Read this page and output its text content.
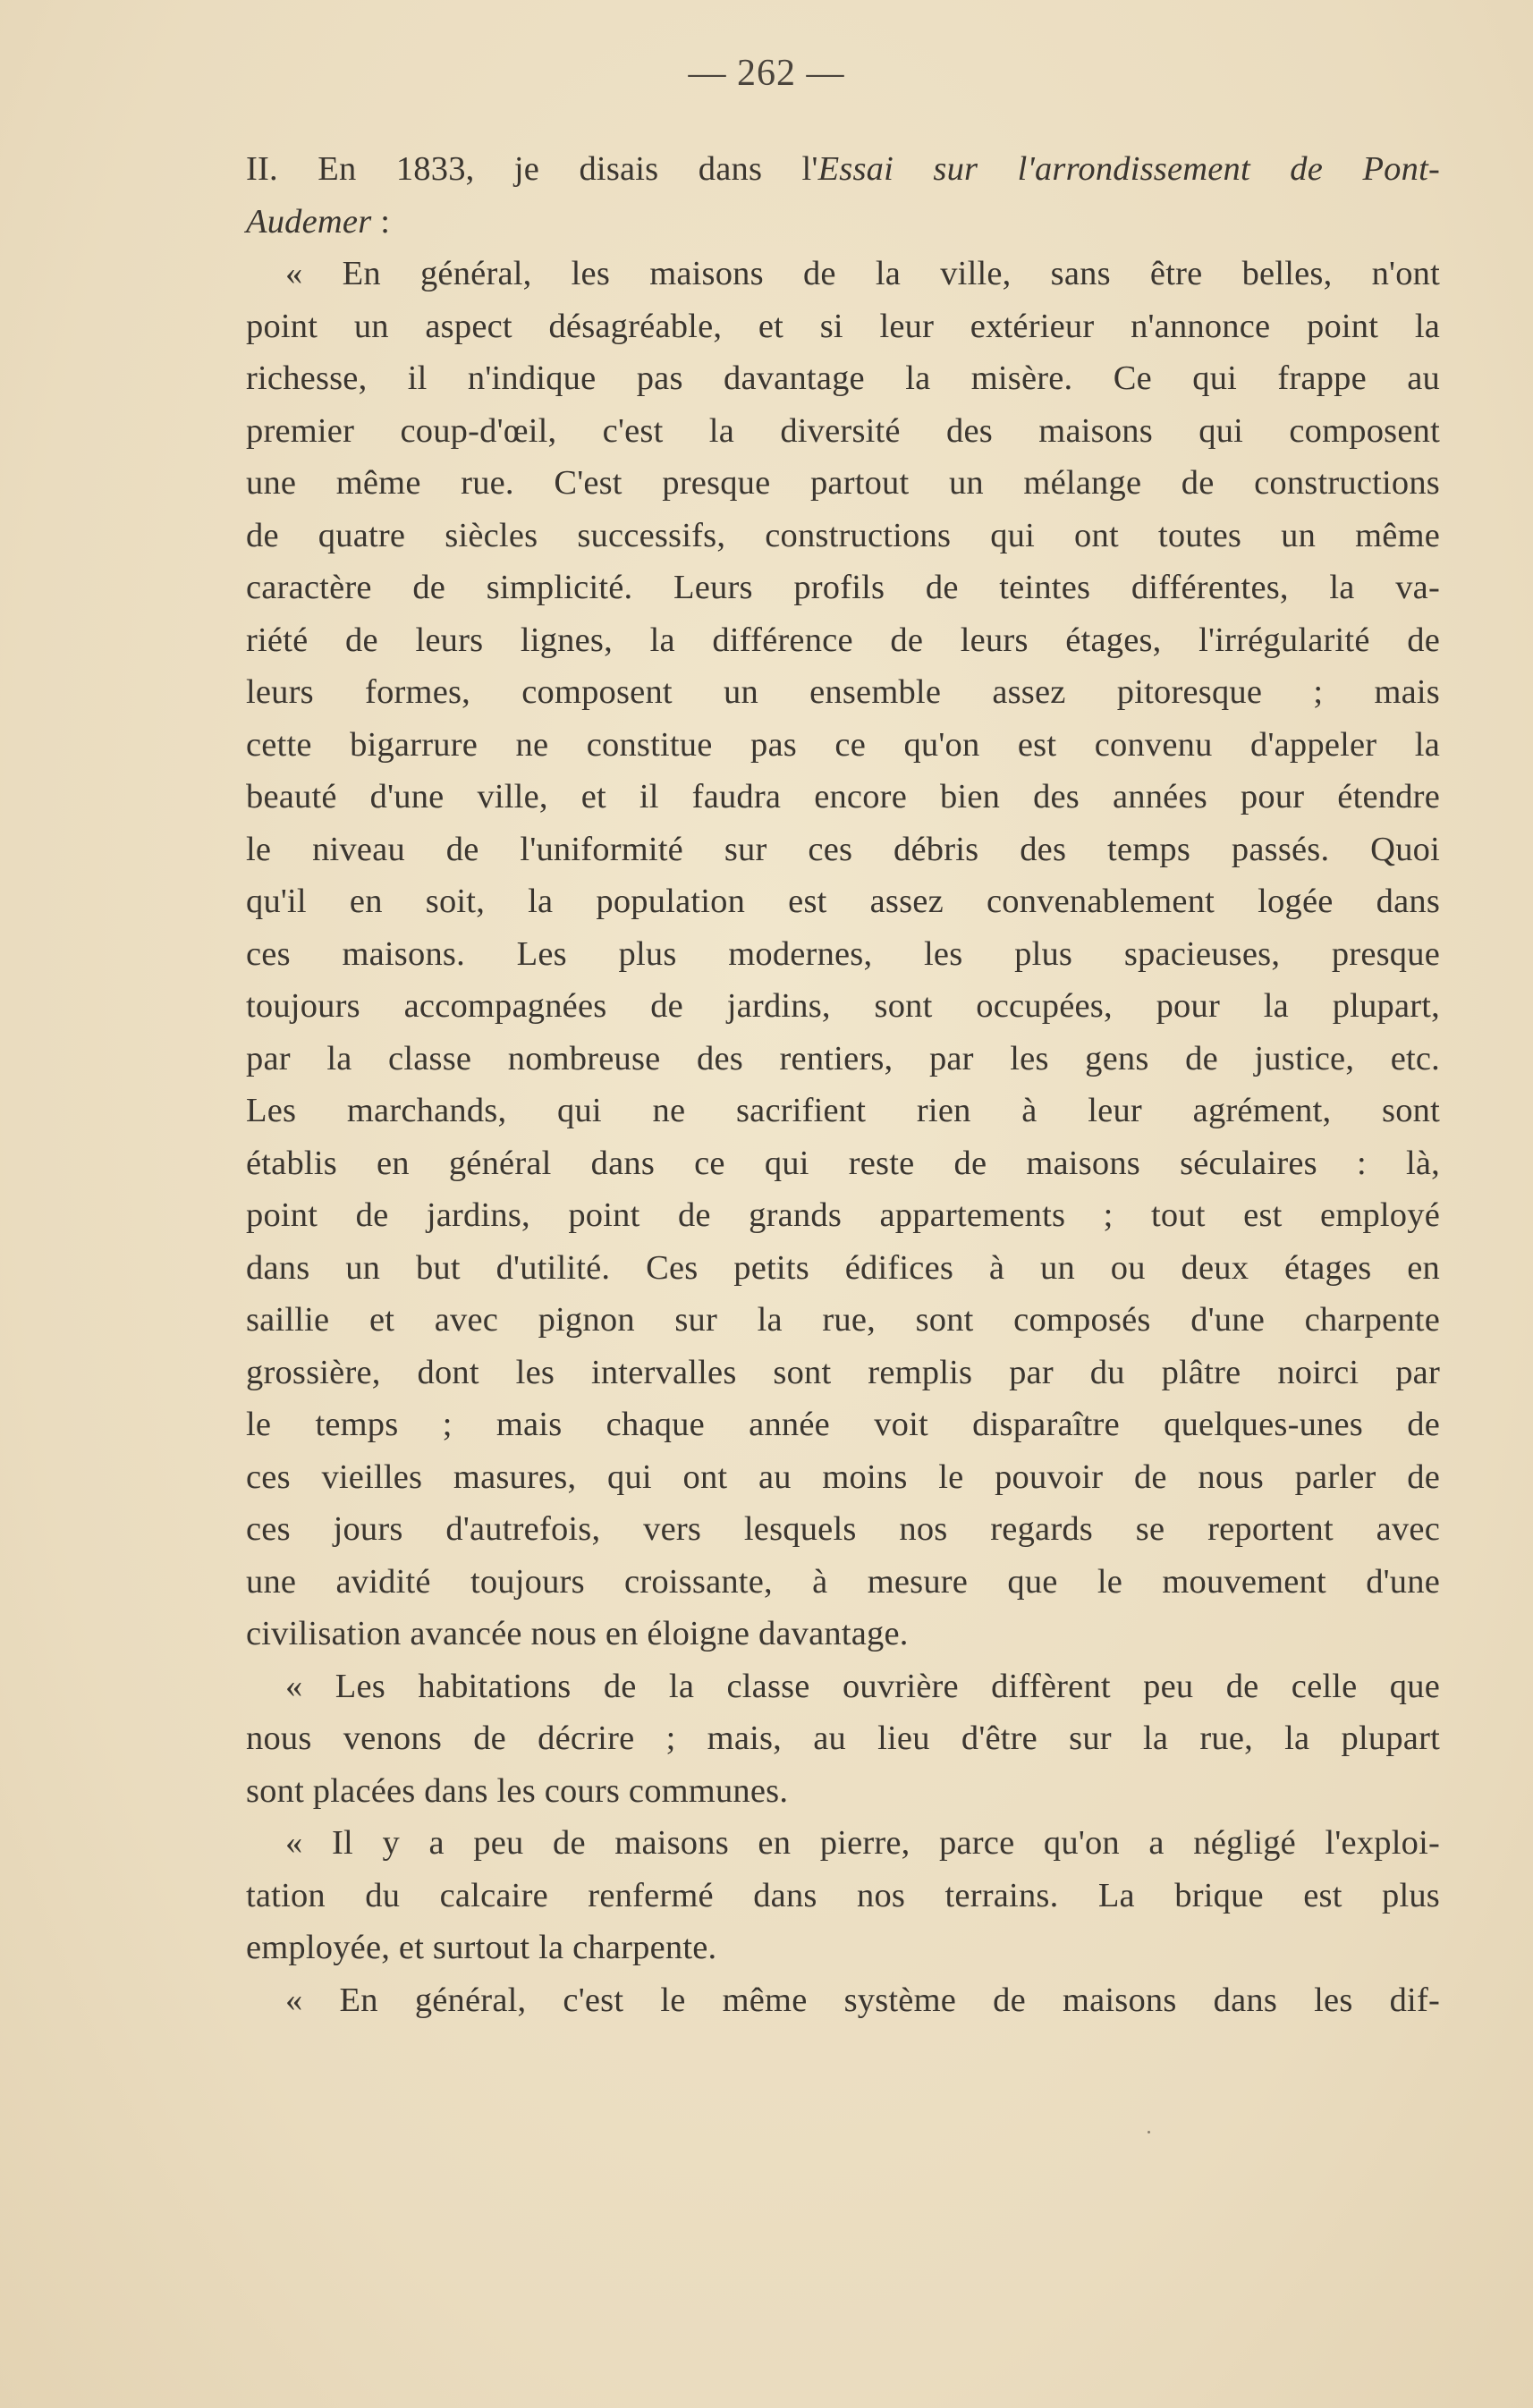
— 262 —
II. En 1833, je disais dans l'Essai sur l'arrondissement de Pont-
Audemer :
« En général, les maisons de la ville, sans être belles, n'ont
point un aspect désagréable, et si leur extérieur n'annonce point la
richesse, il n'indique pas davantage la misère. Ce qui frappe au
premier coup-d'œil, c'est la diversité des maisons qui composent
une même rue. C'est presque partout un mélange de constructions
de quatre siècles successifs, constructions qui ont toutes un même
caractère de simplicité. Leurs profils de teintes différentes, la va-
riété de leurs lignes, la différence de leurs étages, l'irrégularité de
leurs formes, composent un ensemble assez pitoresque ; mais
cette bigarrure ne constitue pas ce qu'on est convenu d'appeler la
beauté d'une ville, et il faudra encore bien des années pour étendre
le niveau de l'uniformité sur ces débris des temps passés. Quoi
qu'il en soit, la population est assez convenablement logée dans
ces maisons. Les plus modernes, les plus spacieuses, presque
toujours accompagnées de jardins, sont occupées, pour la plupart,
par la classe nombreuse des rentiers, par les gens de justice, etc.
Les marchands, qui ne sacrifient rien à leur agrément, sont
établis en général dans ce qui reste de maisons séculaires : là,
point de jardins, point de grands appartements ; tout est employé
dans un but d'utilité. Ces petits édifices à un ou deux étages en
saillie et avec pignon sur la rue, sont composés d'une charpente
grossière, dont les intervalles sont remplis par du plâtre noirci par
le temps ; mais chaque année voit disparaître quelques-unes de
ces vieilles masures, qui ont au moins le pouvoir de nous parler de
ces jours d'autrefois, vers lesquels nos regards se reportent avec
une avidité toujours croissante, à mesure que le mouvement d'une
civilisation avancée nous en éloigne davantage.
« Les habitations de la classe ouvrière diffèrent peu de celle que
nous venons de décrire ; mais, au lieu d'être sur la rue, la plupart
sont placées dans les cours communes.
« Il y a peu de maisons en pierre, parce qu'on a négligé l'exploi-
tation du calcaire renfermé dans nos terrains. La brique est plus
employée, et surtout la charpente.
« En général, c'est le même système de maisons dans les dif-
